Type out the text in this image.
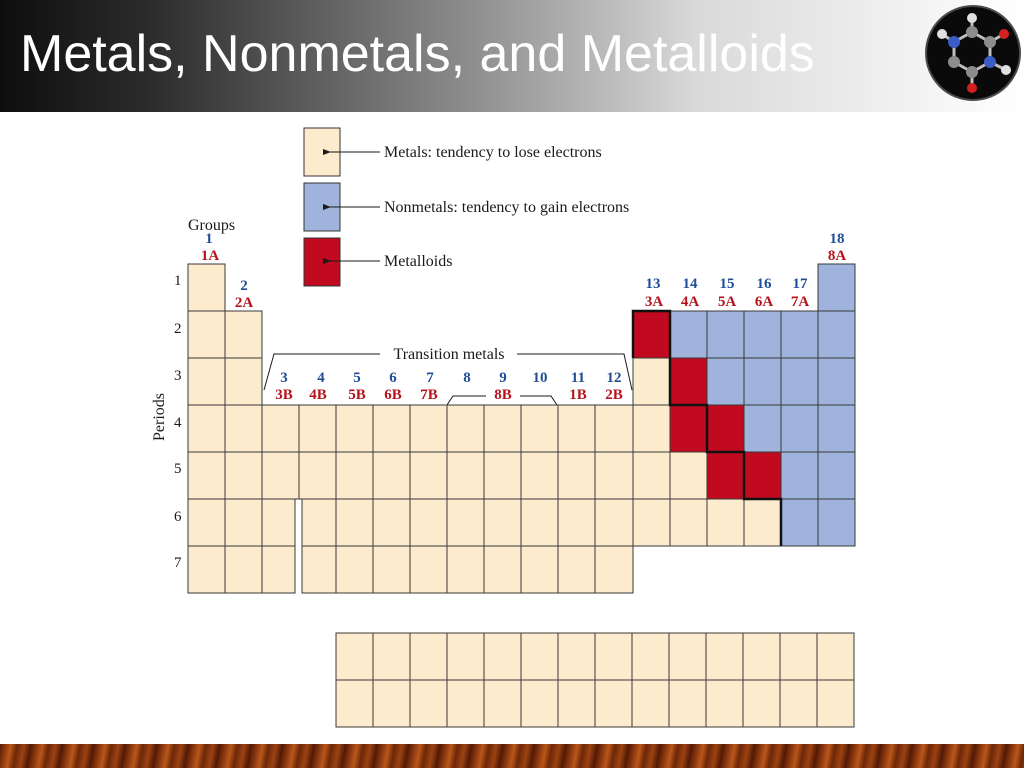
Metals, Nonmetals, and Metalloids
Metals: tendency to lose electrons
Nonmetals: tendency to gain electrons
Metalloids
Groups
Periods
1
2
3
4
5
6
7
1
1A
2
2A
3
3B
4
4B
5
5B
6
6B
7
7B
8 9 10
8B
11
1B
12
2B
13
3A
14
4A
15
5A
16
6A
17
7A
18
8A
Transition metals
